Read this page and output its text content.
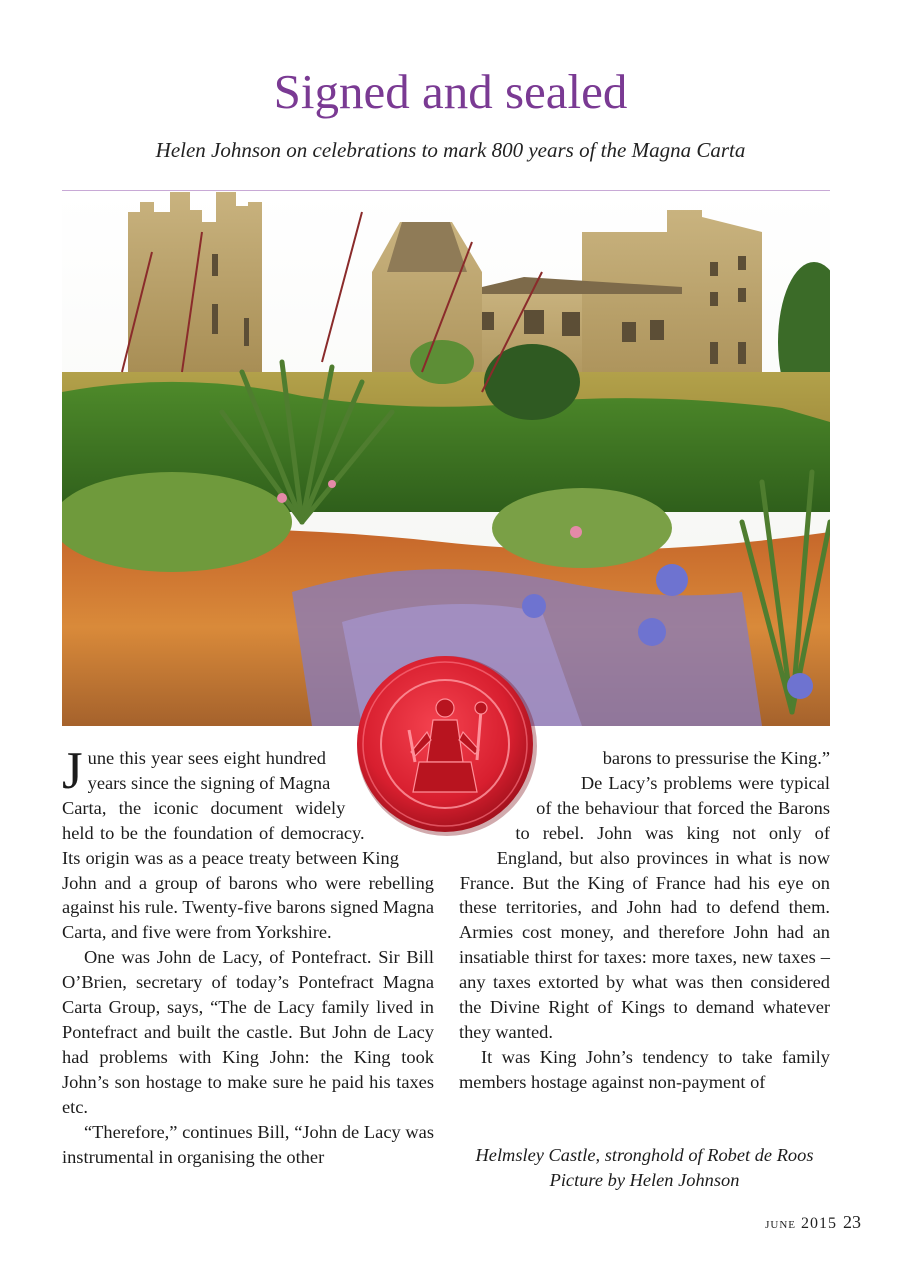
Signed and sealed
Helen Johnson on celebrations to mark 800 years of the Magna Carta

June this year sees eight hundred years since the signing of Magna Carta, the iconic document widely held to be the foundation of democracy. Its origin was as a peace treaty between King John and a group of barons who were rebelling against his rule. Twenty-five barons signed Magna Carta, and five were from Yorkshire.

One was John de Lacy, of Pontefract. Sir Bill O’Brien, secretary of today’s Pontefract Magna Carta Group, says, “The de Lacy family lived in Pontefract and built the castle. But John de Lacy had problems with King John: the King took John’s son hostage to make sure he paid his taxes etc.

“Therefore,” continues Bill, “John de Lacy was instrumental in organising the other

barons to pressurise the King.”

De Lacy’s problems were typical of the behaviour that forced the Barons to rebel. John was king not only of England, but also provinces in what is now France. But the King of France had his eye on these territories, and John had to defend them. Armies cost money, and therefore John had an insatiable thirst for taxes: more taxes, new taxes – any taxes extorted by what was then considered the Divine Right of Kings to demand whatever they wanted.

It was King John’s tendency to take family members hostage against non-payment of

Helmsley Castle, stronghold of Robet de Roos
Picture by Helen Johnson
june 2015 23
